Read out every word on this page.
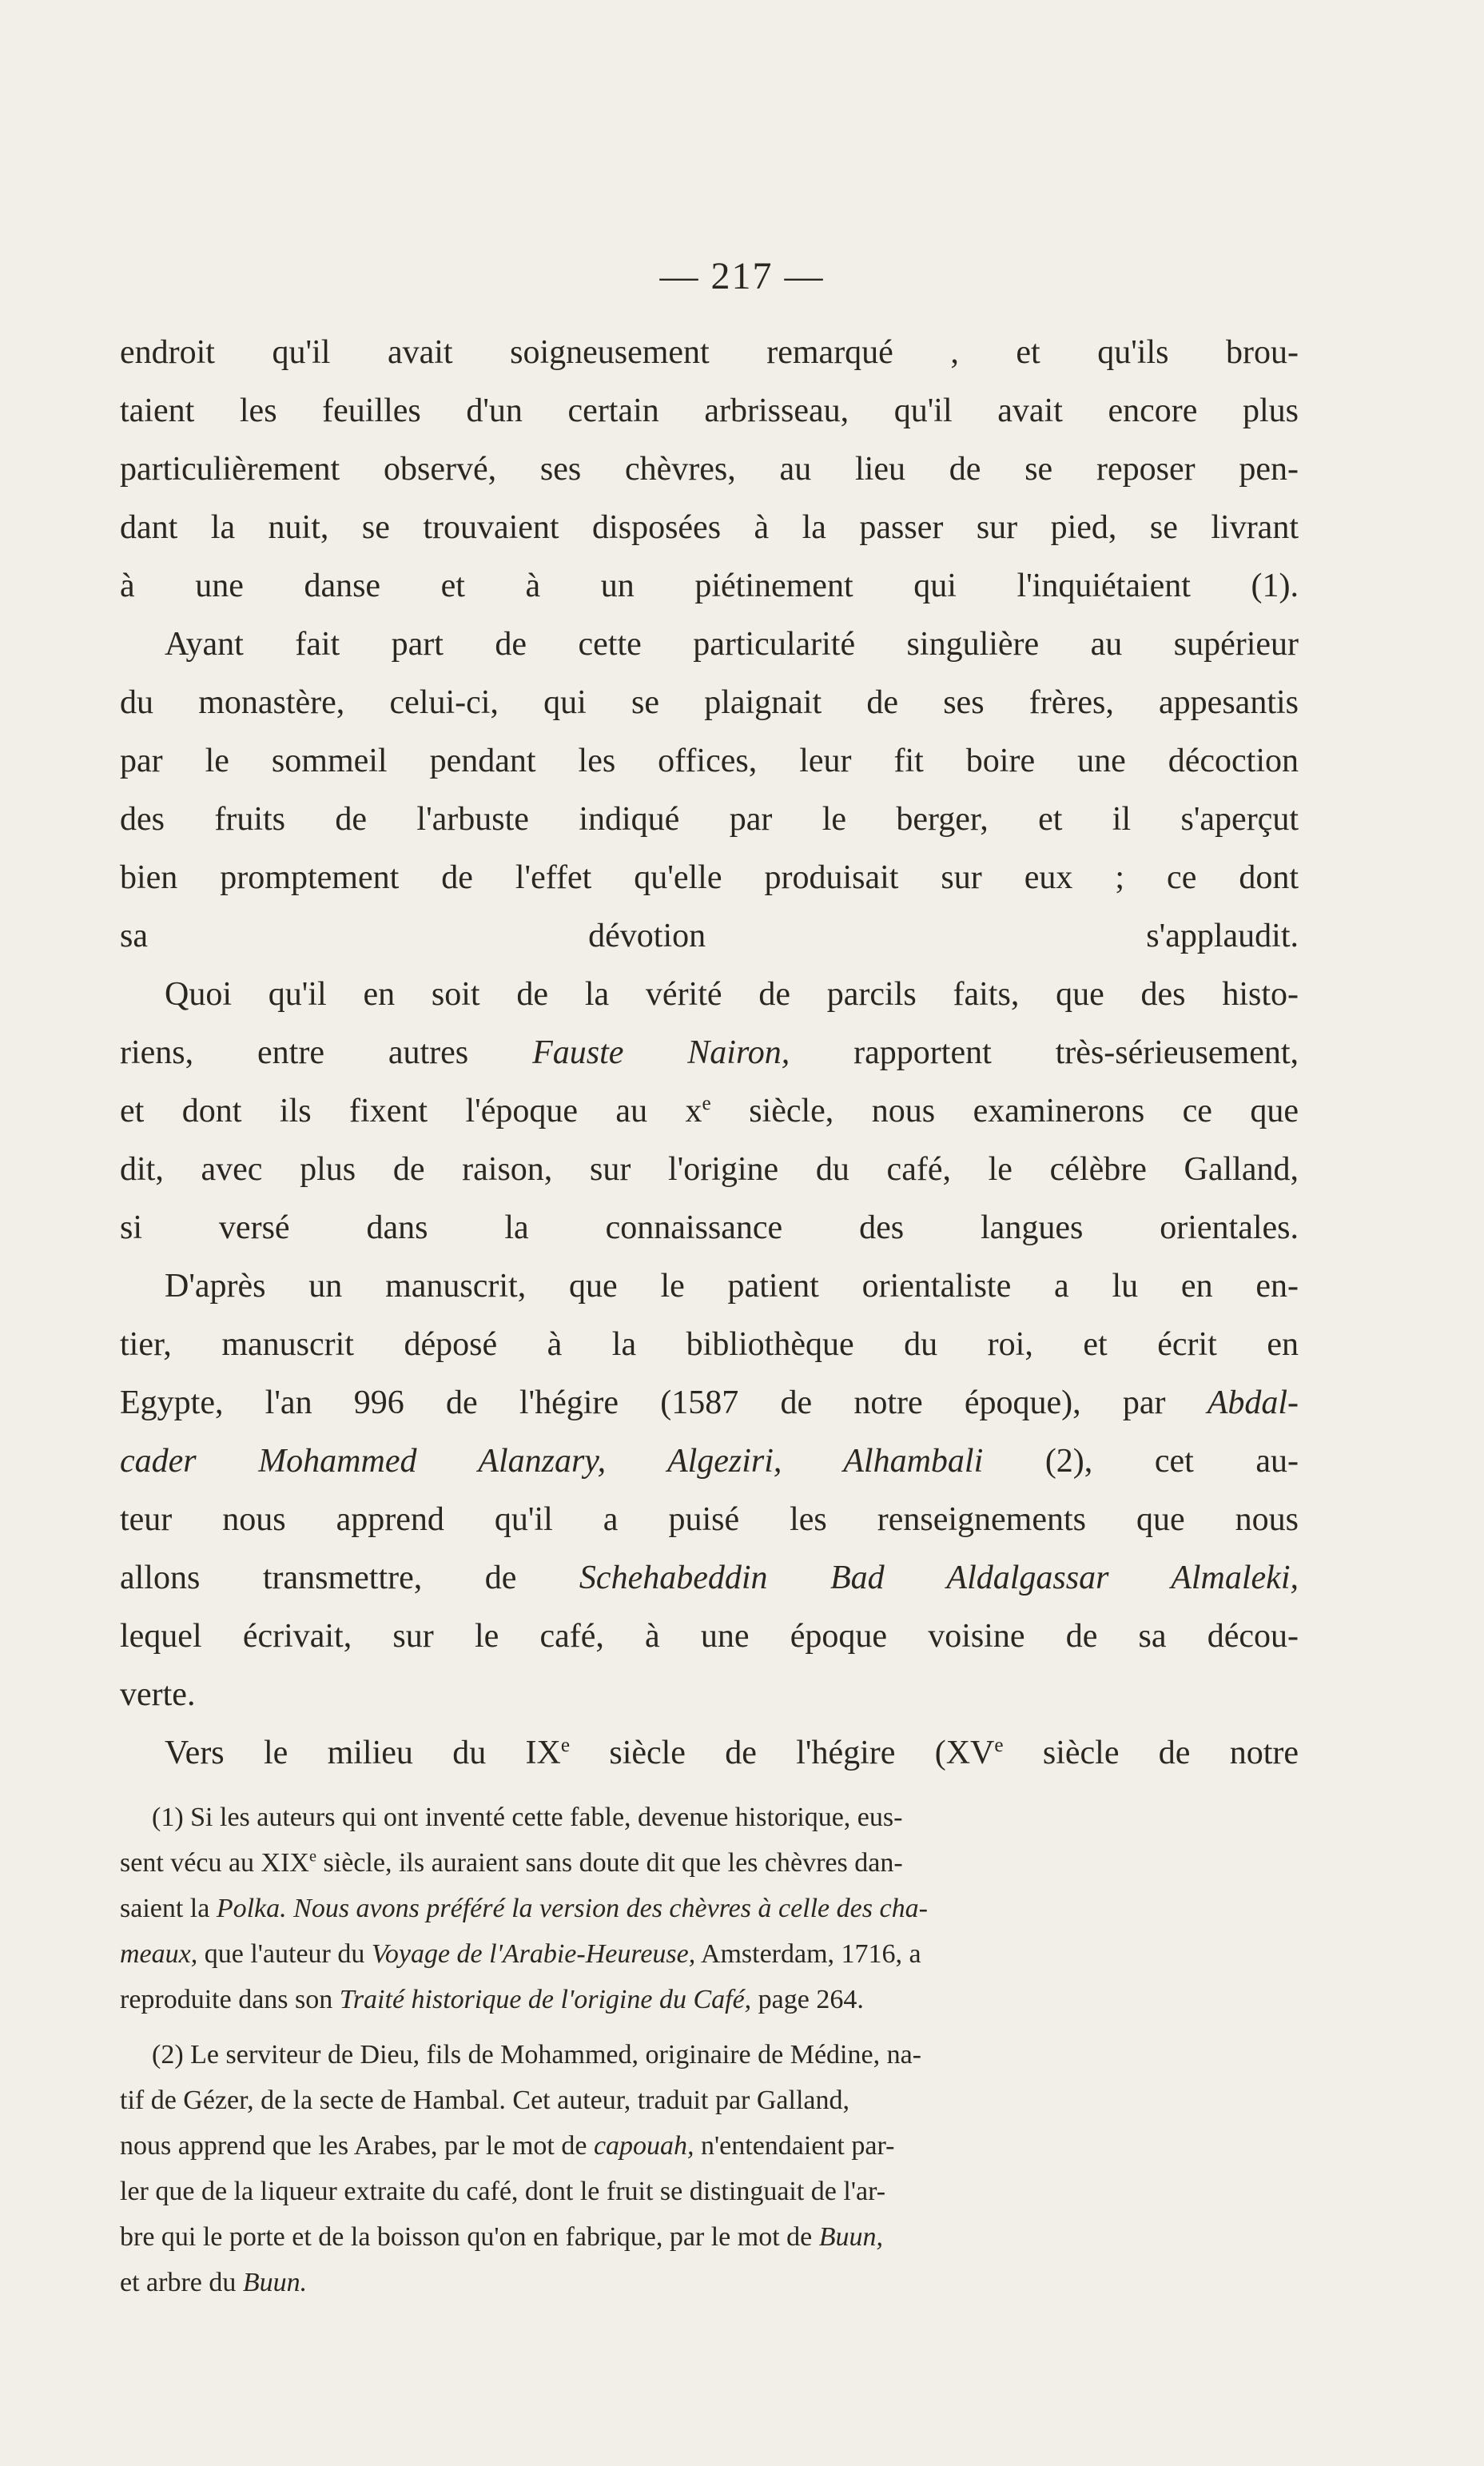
— 217 —
endroit qu'il avait soigneusement remarqué , et qu'ils brou-
taient les feuilles d'un certain arbrisseau, qu'il avait encore plus
particulièrement observé, ses chèvres, au lieu de se reposer pen-
dant la nuit, se trouvaient disposées à la passer sur pied, se livrant
à une danse et à un piétinement qui l'inquiétaient (1).
Ayant fait part de cette particularité singulière au supérieur
du monastère, celui-ci, qui se plaignait de ses frères, appesantis
par le sommeil pendant les offices, leur fit boire une décoction
des fruits de l'arbuste indiqué par le berger, et il s'aperçut
bien promptement de l'effet qu'elle produisait sur eux ; ce dont
sa dévotion s'applaudit.
Quoi qu'il en soit de la vérité de parcils faits, que des histo-
riens, entre autres Fauste Nairon, rapportent très-sérieusement,
et dont ils fixent l'époque au $x^e$ siècle, nous examinerons ce que
dit, avec plus de raison, sur l'origine du café, le célèbre Galland,
si versé dans la connaissance des langues orientales.
D'après un manuscrit, que le patient orientaliste a lu en en-
tier, manuscrit déposé à la bibliothèque du roi, et écrit en
Egypte, l'an 996 de l'hégire (1587 de notre époque), par Abdal-
cader Mohammed Alanzary, Algeziri, Alhambali (2), cet au-
teur nous apprend qu'il a puisé les renseignements que nous
allons transmettre, de Schehabeddin Bad Aldalgassar Almaleki,
lequel écrivait, sur le café, à une époque voisine de sa décou-
verte.
Vers le milieu du IXe siècle de l'hégire (XVe siècle de notre
(1) Si les auteurs qui ont inventé cette fable, devenue historique, eus-
sent vécu au XIXe siècle, ils auraient sans doute dit que les chèvres dan-
saient la Polka. Nous avons préféré la version des chèvres à celle des cha-
meaux, que l'auteur du Voyage de l'Arabie-Heureuse, Amsterdam, 1716, a
reproduite dans son Traité historique de l'origine du Café, page 264.
(2) Le serviteur de Dieu, fils de Mohammed, originaire de Médine, na-
tif de Gézer, de la secte de Hambal. Cet auteur, traduit par Galland,
nous apprend que les Arabes, par le mot de capouah, n'entendaient par-
ler que de la liqueur extraite du café, dont le fruit se distinguait de l'ar-
bre qui le porte et de la boisson qu'on en fabrique, par le mot de Buun,
et arbre du Buun.
